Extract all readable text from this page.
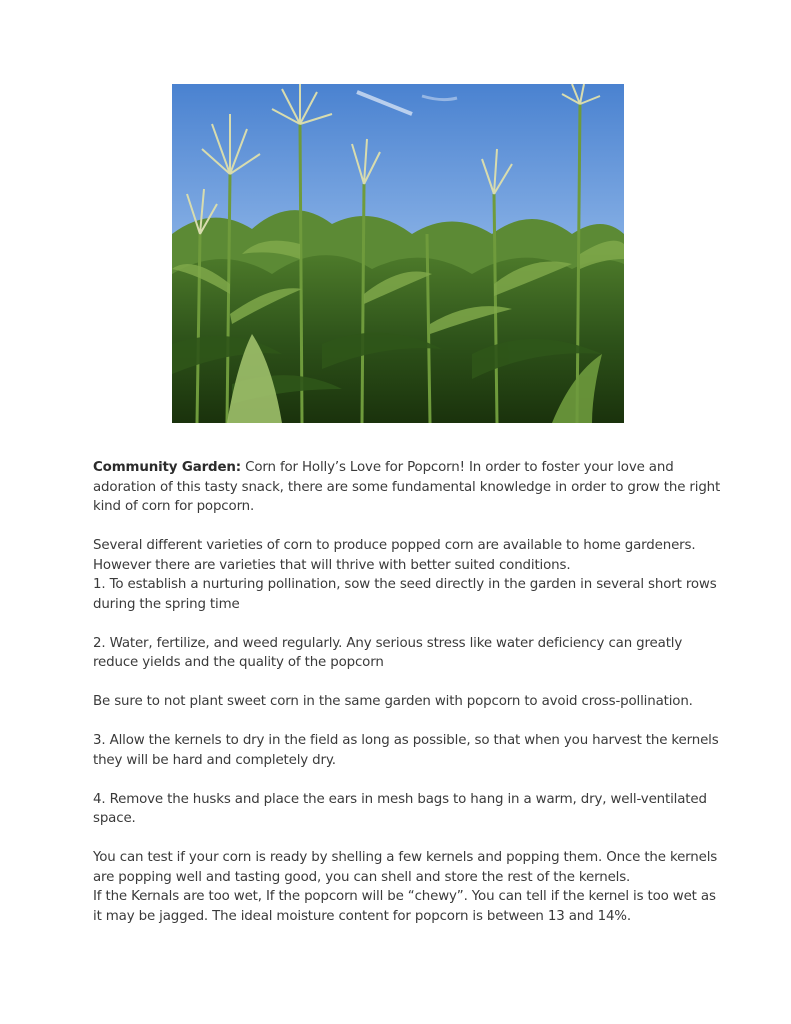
Community Garden: Corn for Holly’s Love for Popcorn! In order to foster your love and
adoration of this tasty snack, there are some fundamental knowledge in order to grow the right
kind of corn for popcorn.

Several different varieties of corn to produce popped corn are available to home gardeners.
However there are varieties that will thrive with better suited conditions.
1. To establish a nurturing pollination, sow the seed directly in the garden in several short rows
during the spring time

2. Water, fertilize, and weed regularly. Any serious stress like water deficiency can greatly
reduce yields and the quality of the popcorn

Be sure to not plant sweet corn in the same garden with popcorn to avoid cross-pollination.

3. Allow the kernels to dry in the field as long as possible, so that when you harvest the kernels
they will be hard and completely dry.

4. Remove the husks and place the ears in mesh bags to hang in a warm, dry, well-ventilated
space.

You can test if your corn is ready by shelling a few kernels and popping them. Once the kernels
are popping well and tasting good, you can shell and store the rest of the kernels.
If the Kernals are too wet, If the popcorn will be “chewy”. You can tell if the kernel is too wet as
it may be jagged. The ideal moisture content for popcorn is between 13 and 14%.
